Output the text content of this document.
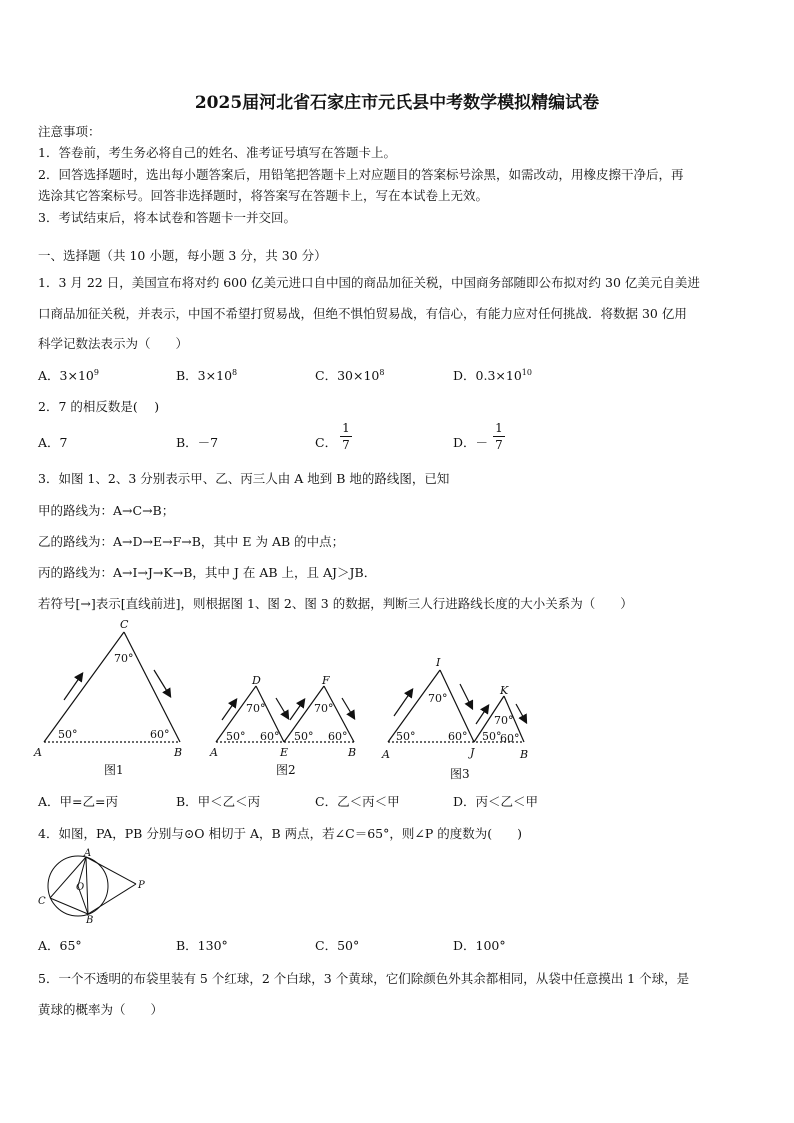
2025届河北省石家庄市元氏县中考数学模拟精编试卷
注意事项：
1．答卷前，考生务必将自己的姓名、准考证号填写在答题卡上。
2．回答选择题时，选出每小题答案后，用铅笔把答题卡上对应题目的答案标号涂黑，如需改动，用橡皮擦干净后，再
选涂其它答案标号。回答非选择题时，将答案写在答题卡上，写在本试卷上无效。
3．考试结束后，将本试卷和答题卡一并交回。
一、选择题（共 10 小题，每小题 3 分，共 30 分）
1．3 月 22 日，美国宣布将对约 600 亿美元进口自中国的商品加征关税，中国商务部随即公布拟对约 30 亿美元自美进
口商品加征关税，并表示，中国不希望打贸易战，但绝不惧怕贸易战，有信心，有能力应对任何挑战．将数据 30 亿用
科学记数法表示为（　　）
A．$3\times 10^9$	B．$3\times 10^8$	C．$30\times 10^8$	D．$0.3\times 10^{10}$
2．7 的相反数是(　 )
A．7	B．－7	C．
1
7	D．－
1
7
3．如图 1、2、3 分别表示甲、乙、丙三人由 A 地到 B 地的路线图，已知
甲的路线为：A→C→B；
乙的路线为：A→D→E→F→B，其中 E 为 AB 的中点；
丙的路线为：A→I→J→K→B，其中 J 在 AB 上，且 AJ＞JB．
若符号[→]表示[直线前进]，则根据图 1、图 2、图 3 的数据，判断三人行进路线长度的大小关系为（　　）
A	B
C
A
D
E
F
B A
I
J
K
B
70°
50°	60°
70°	70°
50° 60° 50° 60°
70°
70°
50°	60° 50°
60°
图1	图2	图3
A．甲=乙=丙	B．甲＜乙＜丙	C．乙＜丙＜甲	D．丙＜乙＜甲
4．如图，PA，PB 分别与⊙O 相切于 A，B 两点，若∠C＝65°，则∠P 的度数为(　　)
A
B
C
O	P
A．65°	B．130°	C．50°	D．100°
5．一个不透明的布袋里装有 5 个红球，2 个白球，3 个黄球，它们除颜色外其余都相同，从袋中任意摸出 1 个球，是
黄球的概率为（　　）
